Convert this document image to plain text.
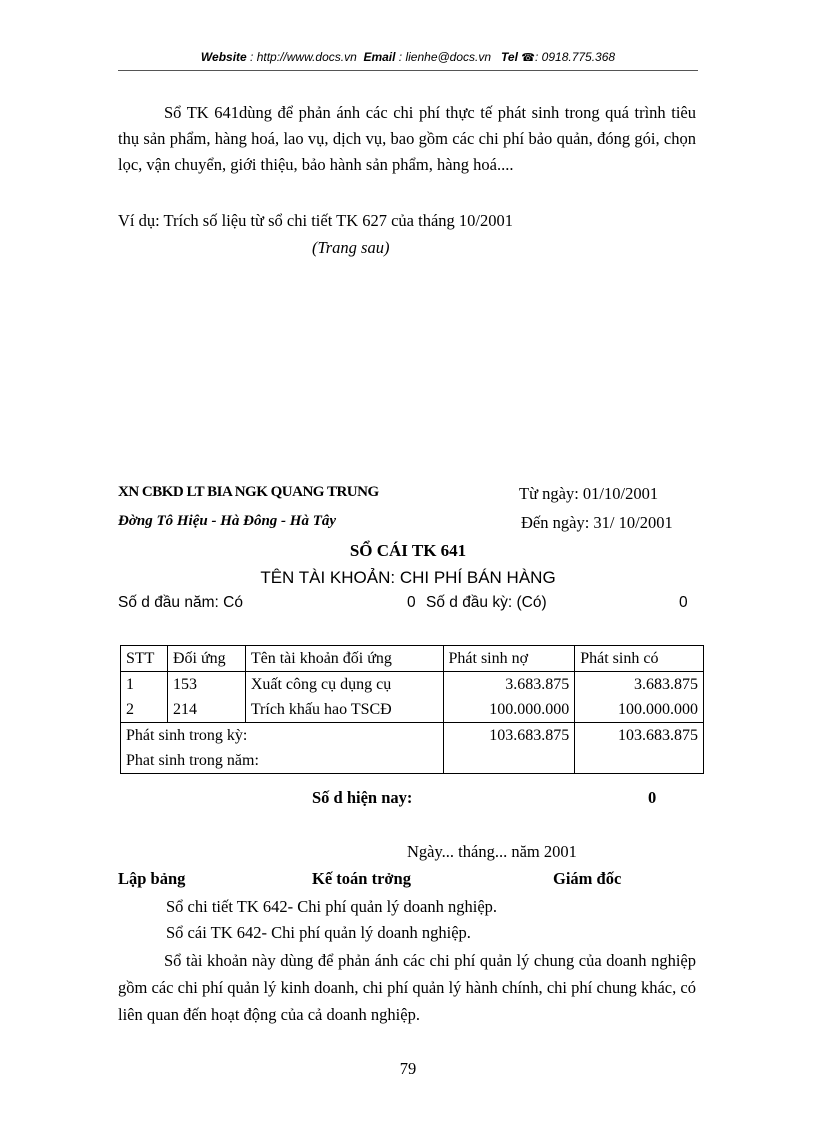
Website : http://www.docs.vn Email : lienhe@docs.vn Tel ☎: 0918.775.368
Sổ TK 641dùng để phản ánh các chi phí thực tế phát sinh trong quá trình tiêu thụ sản phẩm, hàng hoá, lao vụ, dịch vụ, bao gồm các chi phí bảo quản, đóng gói, chọn lọc, vận chuyển, giới thiệu, bảo hành sản phẩm, hàng hoá....
Ví dụ: Trích số liệu từ sổ chi tiết TK 627 của tháng 10/2001
(Trang sau)
XN CBKD LT BIA NGK QUANG TRUNG	Từ ngày: 01/10/2001
Đờng Tô Hiệu - Hà Đông - Hà Tây	Đến ngày: 31/ 10/2001
SỔ CÁI TK 641
TÊN TÀI KHOẢN: CHI PHÍ BÁN HÀNG
Số d đầu năm: Có	0 Số d đầu kỳ: (Có)	0
STT	Đối ứng	Tên tài khoản đối ứng	Phát sinh nợ	Phát sinh có
1	153	Xuất công cụ dụng cụ	3.683.875	3.683.875
2	214	Trích khấu hao TSCĐ	100.000.000	100.000.000
Phát sinh trong kỳ:			103.683.875	103.683.875
Phat sinh trong năm:				
Số d hiện nay:	0
Ngày... tháng... năm 2001
Lập bảng	Kế toán trởng	Giám đốc
Sổ chi tiết TK 642- Chi phí quản lý doanh nghiệp.
Sổ cái TK 642- Chi phí quản lý doanh nghiệp.
Sổ tài khoản này dùng để phản ánh các chi phí quản lý chung của doanh nghiệp gồm các chi phí quản lý kinh doanh, chi phí quản lý hành chính, chi phí chung khác, có liên quan đến hoạt động của cả doanh nghiệp.
79
